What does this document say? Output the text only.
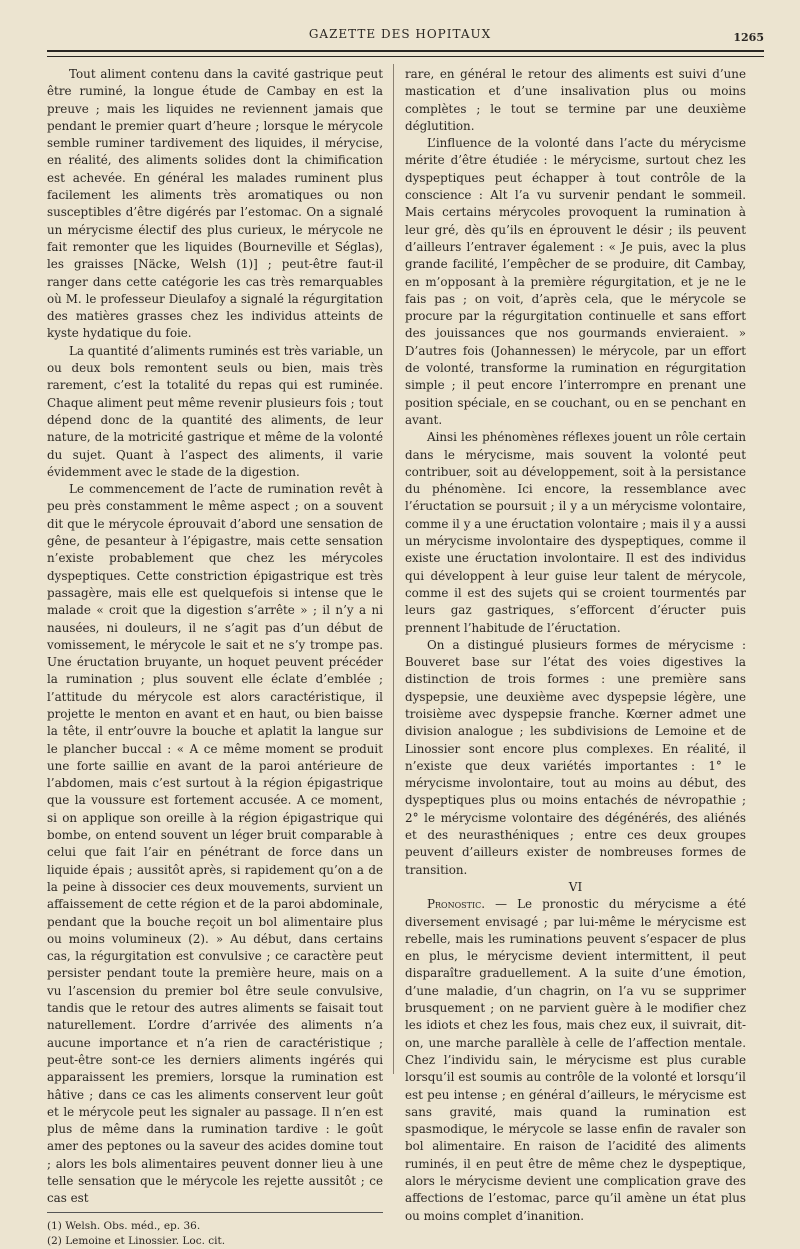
GAZETTE DES HOPITAUX	1265

Tout aliment contenu dans la cavité gastrique peut être ruminé, la longue étude de Cambay en est la preuve ; mais les liquides ne reviennent jamais que pendant le premier quart d’heure ; lorsque le mérycole semble ruminer tardivement des liquides, il mérycise, en réalité, des aliments solides dont la chimification est achevée. En général les malades ruminent plus facilement les aliments très aromatiques ou non susceptibles d’être digérés par l’estomac. On a signalé un mérycisme électif des plus curieux, le mérycole ne fait remonter que les liquides (Bourneville et Séglas), les graisses [Näcke, Welsh (1)] ; peut-être faut-il ranger dans cette catégorie les cas très remarquables où M. le professeur Dieulafoy a signalé la régurgitation des matières grasses chez les individus atteints de kyste hydatique du foie.

La quantité d’aliments ruminés est très variable, un ou deux bols remontent seuls ou bien, mais très rarement, c’est la totalité du repas qui est ruminée. Chaque aliment peut même revenir plusieurs fois ; tout dépend donc de la quantité des aliments, de leur nature, de la motricité gastrique et même de la volonté du sujet. Quant à l’aspect des aliments, il varie évidemment avec le stade de la digestion.

Le commencement de l’acte de rumination revêt à peu près constamment le même aspect ; on a souvent dit que le mérycole éprouvait d’abord une sensation de gêne, de pesanteur à l’épigastre, mais cette sensation n’existe probablement que chez les mérycoles dyspeptiques. Cette constriction épigastrique est très passagère, mais elle est quelquefois si intense que le malade « croit que la digestion s’arrête » ; il n’y a ni nausées, ni douleurs, il ne s’agit pas d’un début de vomissement, le mérycole le sait et ne s’y trompe pas. Une éructation bruyante, un hoquet peuvent précéder la rumination ; plus souvent elle éclate d’emblée ; l’attitude du mérycole est alors caractéristique, il projette le menton en avant et en haut, ou bien baisse la tête, il entr’ouvre la bouche et aplatit la langue sur le plancher buccal : « A ce même moment se produit une forte saillie en avant de la paroi antérieure de l’abdomen, mais c’est surtout à la région épigastrique que la voussure est fortement accusée. A ce moment, si on applique son oreille à la région épigastrique qui bombe, on entend souvent un léger bruit comparable à celui que fait l’air en pénétrant de force dans un liquide épais ; aussitôt après, si rapidement qu’on a de la peine à dissocier ces deux mouvements, survient un affaissement de cette région et de la paroi abdominale, pendant que la bouche reçoit un bol alimentaire plus ou moins volumineux (2). » Au début, dans certains cas, la régurgitation est convulsive ; ce caractère peut persister pendant toute la première heure, mais on a vu l’ascension du premier bol être seule convulsive, tandis que le retour des autres aliments se faisait tout naturellement. L’ordre d’arrivée des aliments n’a aucune importance et n’a rien de caractéristique ; peut-être sont-ce les derniers aliments ingérés qui apparaissent les premiers, lorsque la rumination est hâtive ; dans ce cas les aliments conservent leur goût et le mérycole peut les signaler au passage. Il n’en est plus de même dans la rumination tardive : le goût amer des peptones ou la saveur des acides domine tout ; alors les bols alimentaires peuvent donner lieu à une telle sensation que le mérycole les rejette aussitôt ; ce cas est

(1) Welsh. Obs. méd., ep. 36.
(2) Lemoine et Linossier. Loc. cit.

rare, en général le retour des aliments est suivi d’une mastication et d’une insalivation plus ou moins complètes ; le tout se termine par une deuxième déglutition.

L’influence de la volonté dans l’acte du mérycisme mérite d’être étudiée : le mérycisme, surtout chez les dyspeptiques peut échapper à tout contrôle de la conscience : Alt l’a vu survenir pendant le sommeil. Mais certains mérycoles provoquent la rumination à leur gré, dès qu’ils en éprouvent le désir ; ils peuvent d’ailleurs l’entraver également : « Je puis, avec la plus grande facilité, l’empêcher de se produire, dit Cambay, en m’opposant à la première régurgitation, et je ne le fais pas ; on voit, d’après cela, que le mérycole se procure par la régurgitation continuelle et sans effort des jouissances que nos gourmands envieraient. » D’autres fois (Johannessen) le mérycole, par un effort de volonté, transforme la rumination en régurgitation simple ; il peut encore l’interrompre en prenant une position spéciale, en se couchant, ou en se penchant en avant.

Ainsi les phénomènes réflexes jouent un rôle certain dans le mérycisme, mais souvent la volonté peut contribuer, soit au développement, soit à la persistance du phénomène. Ici encore, la ressemblance avec l’éructation se poursuit ; il y a un mérycisme volontaire, comme il y a une éructation volontaire ; mais il y a aussi un mérycisme involontaire des dyspeptiques, comme il existe une éructation involontaire. Il est des individus qui développent à leur guise leur talent de mérycole, comme il est des sujets qui se croient tourmentés par leurs gaz gastriques, s’efforcent d’éructer puis prennent l’habitude de l’éructation.

On a distingué plusieurs formes de mérycisme : Bouveret base sur l’état des voies digestives la distinction de trois formes : une première sans dyspepsie, une deuxième avec dyspepsie légère, une troisième avec dyspepsie franche. Kœrner admet une division analogue ; les subdivisions de Lemoine et de Linossier sont encore plus complexes. En réalité, il n’existe que deux variétés importantes : 1° le mérycisme involontaire, tout au moins au début, des dyspeptiques plus ou moins entachés de névropathie ; 2° le mérycisme volontaire des dégénérés, des aliénés et des neurasthéniques ; entre ces deux groupes peuvent d’ailleurs exister de nombreuses formes de transition.

VI

Pronostic. — Le pronostic du mérycisme a été diversement envisagé ; par lui-même le mérycisme est rebelle, mais les ruminations peuvent s’espacer de plus en plus, le mérycisme devient intermittent, il peut disparaître graduellement. A la suite d’une émotion, d’une maladie, d’un chagrin, on l’a vu se supprimer brusquement ; on ne parvient guère à le modifier chez les idiots et chez les fous, mais chez eux, il suivrait, dit-on, une marche parallèle à celle de l’affection mentale. Chez l’individu sain, le mérycisme est plus curable lorsqu’il est soumis au contrôle de la volonté et lorsqu’il est peu intense ; en général d’ailleurs, le mérycisme est sans gravité, mais quand la rumination est spasmodique, le mérycole se lasse enfin de ravaler son bol alimentaire. En raison de l’acidité des aliments ruminés, il en peut être de même chez le dyspeptique, alors le mérycisme devient une complication grave des affections de l’estomac, parce qu’il amène un état plus ou moins complet d’inanition.
